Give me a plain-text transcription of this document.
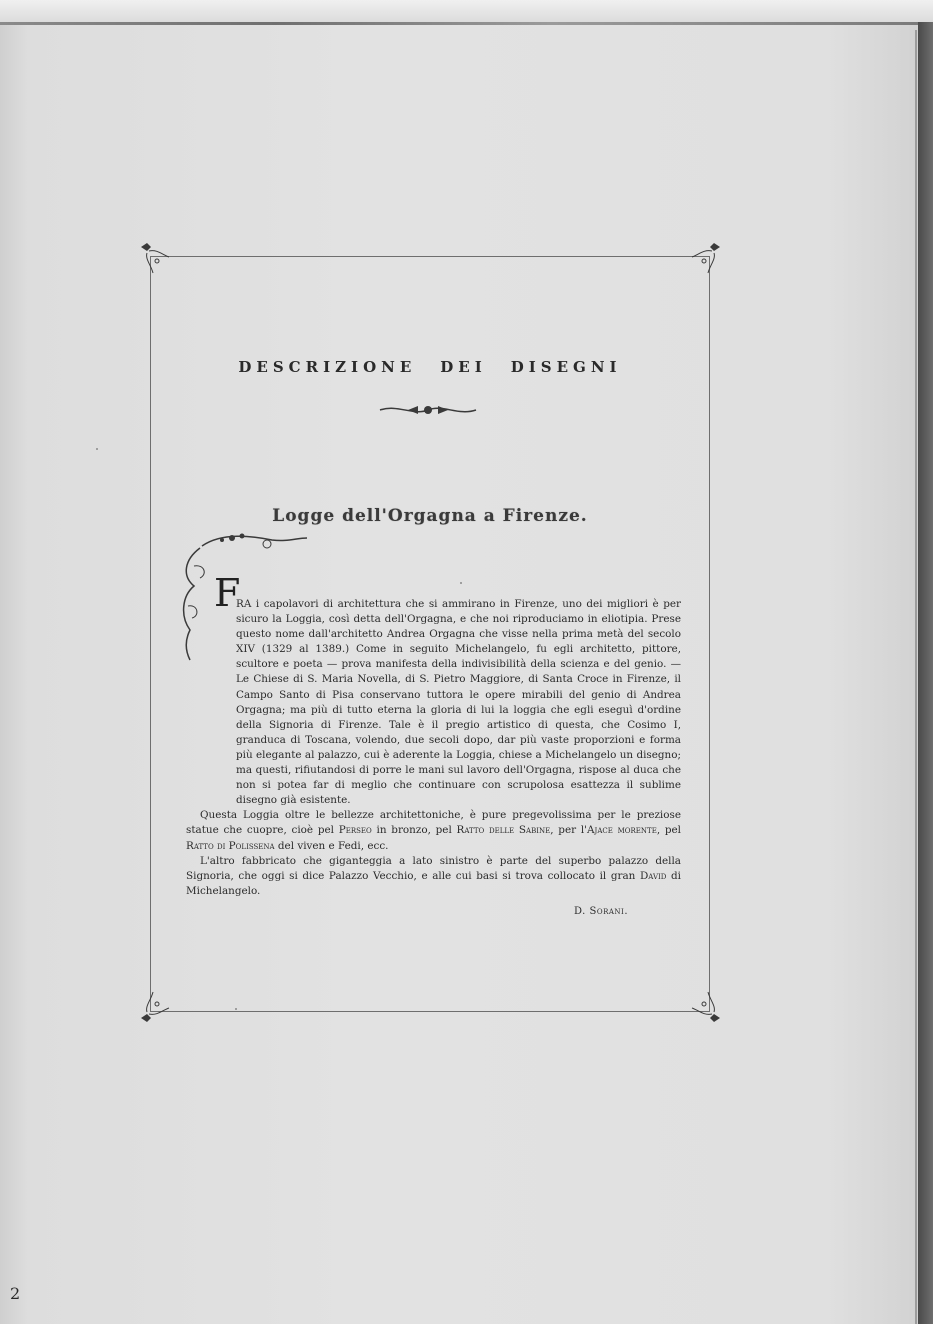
DESCRIZIONE DEI DISEGNI
Logge dell'Orgagna a Firenze.

F

RA i capolavori di architettura che si ammirano in Firenze, uno dei migliori è per sicuro la Loggia, così detta dell'Orgagna, e che noi riproduciamo in eliotipia. Prese questo nome dall'architetto Andrea Orgagna che visse nella prima metà del secolo XIV (1329 al 1389.) Come in seguito Michelangelo, fu egli architetto, pittore, scultore e poeta — prova manifesta della indivisibilità della scienza e del genio. — Le Chiese di S. Maria Novella, di S. Pietro Maggiore, di Santa Croce in Firenze, il Campo Santo di Pisa conservano tuttora le opere mirabili del genio di Andrea Orgagna; ma più di tutto eterna la gloria di lui la loggia che egli eseguì d'ordine della Signoria di Firenze. Tale è il pregio artistico di questa, che Cosimo I, granduca di Toscana, volendo, due secoli dopo, dar più vaste proporzioni e forma più elegante al palazzo, cui è aderente la Loggia, chiese a Michelangelo un disegno; ma questi, rifiutandosi di porre le mani sul lavoro dell'Orgagna, rispose al duca che non si potea far di meglio che continuare con scrupolosa esattezza il sublime disegno già esistente.

Questa Loggia oltre le bellezze architettoniche, è pure pregevolissima per le preziose statue che cuopre, cioè pel Perseo in bronzo, pel Ratto delle Sabine, per l'Ajace morente, pel Ratto di Polissena del viven e Fedi, ecc.

L'altro fabbricato che giganteggia a lato sinistro è parte del superbo palazzo della Signoria, che oggi si dice Palazzo Vecchio, e alle cui basi si trova collocato il gran David di Michelangelo.

D. Sorani.

2
